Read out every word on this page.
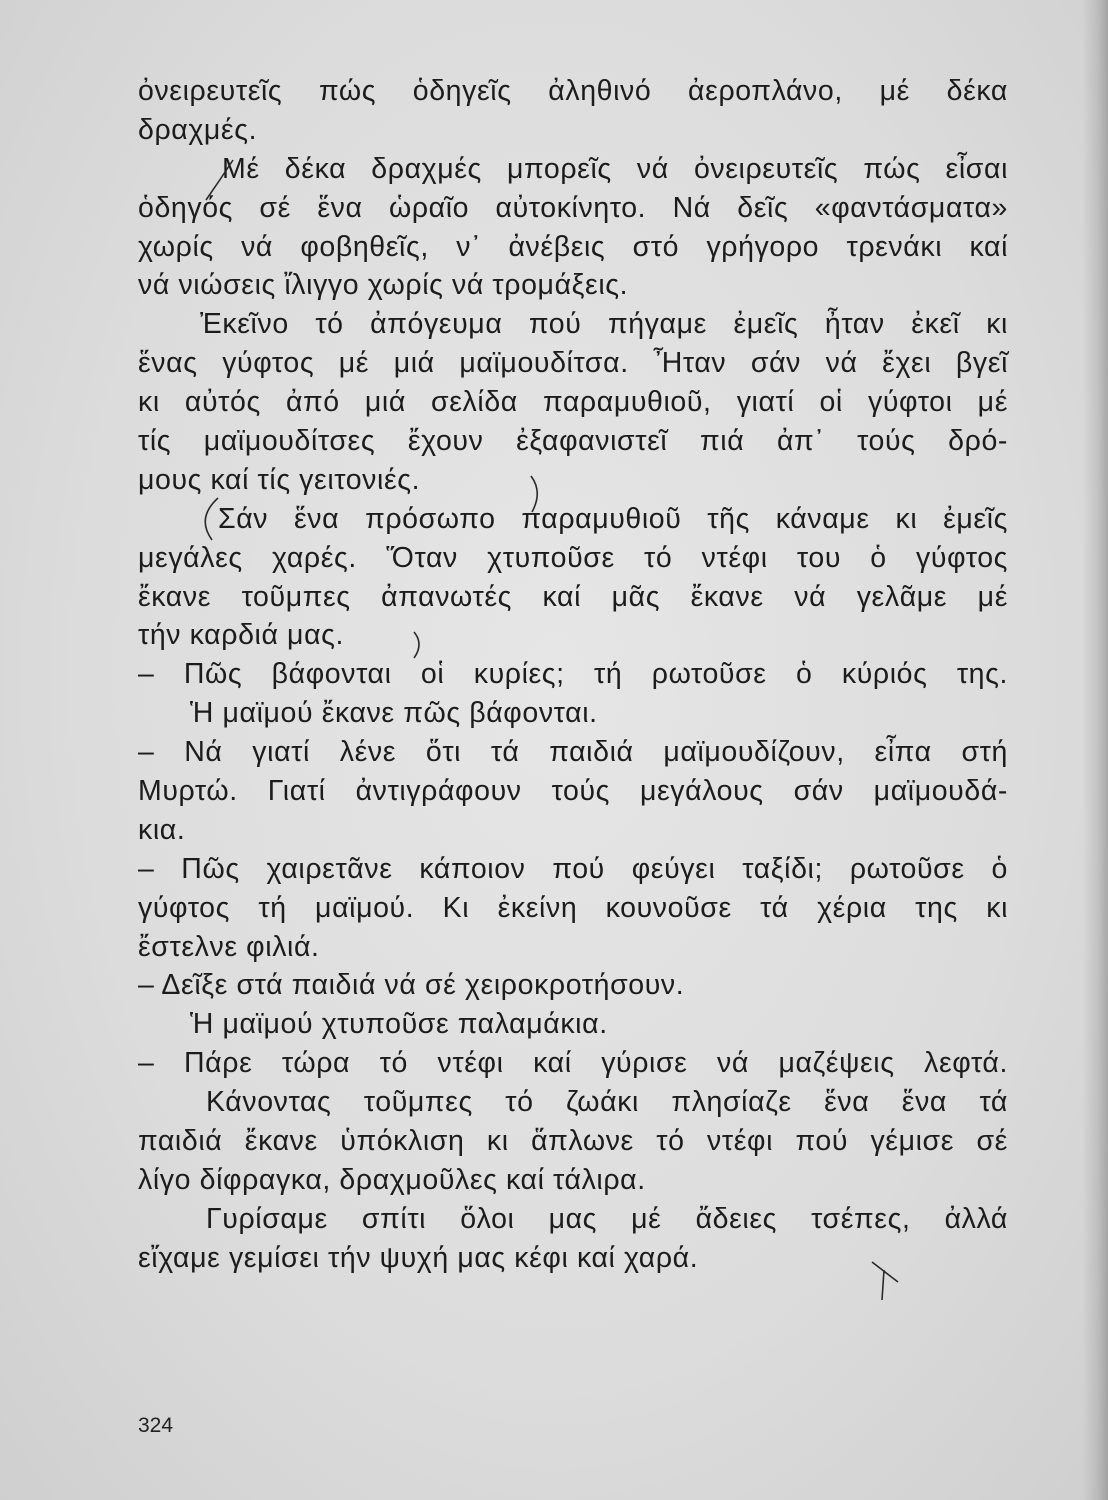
ὀνειρευτεῖς πώς ὁδηγεῖς ἀληθινό ἀεροπλάνο, μέ δέκα
δραχμές.
Μέ δέκα δραχμές μπορεῖς νά ὀνειρευτεῖς πώς εἶσαι
ὁδηγός σέ ἕνα ὡραῖο αὐτοκίνητο. Νά δεῖς «φαντάσματα»
χωρίς νά φοβηθεῖς, ν᾿ ἀνέβεις στό γρήγορο τρενάκι καί
νά νιώσεις ἴλιγγο χωρίς νά τρομάξεις.
Ἐκεῖνο τό ἀπόγευμα πού πήγαμε ἐμεῖς ἦταν ἐκεῖ κι
ἕνας γύφτος μέ μιά μαϊμουδίτσα. Ἦταν σάν νά ἔχει βγεῖ
κι αὐτός ἀπό μιά σελίδα παραμυθιοῦ, γιατί οἱ γύφτοι μέ
τίς μαϊμουδίτσες ἔχουν ἐξαφανιστεῖ πιά ἀπ᾿ τούς δρό-
μους καί τίς γειτονιές.
Σάν ἕνα πρόσωπο παραμυθιοῦ τῆς κάναμε κι ἐμεῖς
μεγάλες χαρές. Ὅταν χτυποῦσε τό ντέφι του ὁ γύφτος
ἔκανε τοῦμπες ἀπανωτές καί μᾶς ἔκανε νά γελᾶμε μέ
τήν καρδιά μας.
– Πῶς βάφονται οἱ κυρίες; τή ρωτοῦσε ὁ κύριός της.
Ἡ μαϊμού ἔκανε πῶς βάφονται.
– Νά γιατί λένε ὅτι τά παιδιά μαϊμουδίζουν, εἶπα στή
Μυρτώ. Γιατί ἀντιγράφουν τούς μεγάλους σάν μαϊμουδά-
κια.
– Πῶς χαιρετᾶνε κάποιον πού φεύγει ταξίδι; ρωτοῦσε ὁ
γύφτος τή μαϊμού. Κι ἐκείνη κουνοῦσε τά χέρια της κι
ἔστελνε φιλιά.
– Δεῖξε στά παιδιά νά σέ χειροκροτήσουν.
Ἡ μαϊμού χτυποῦσε παλαμάκια.
– Πάρε τώρα τό ντέφι καί γύρισε νά μαζέψεις λεφτά.
Κάνοντας τοῦμπες τό ζωάκι πλησίαζε ἕνα ἕνα τά
παιδιά ἔκανε ὑπόκλιση κι ἅπλωνε τό ντέφι πού γέμισε σέ
λίγο δίφραγκα, δραχμοῦλες καί τάλιρα.
Γυρίσαμε σπίτι ὅλοι μας μέ ἄδειες τσέπες, ἀλλά
εἴχαμε γεμίσει τήν ψυχή μας κέφι καί χαρά.
324
